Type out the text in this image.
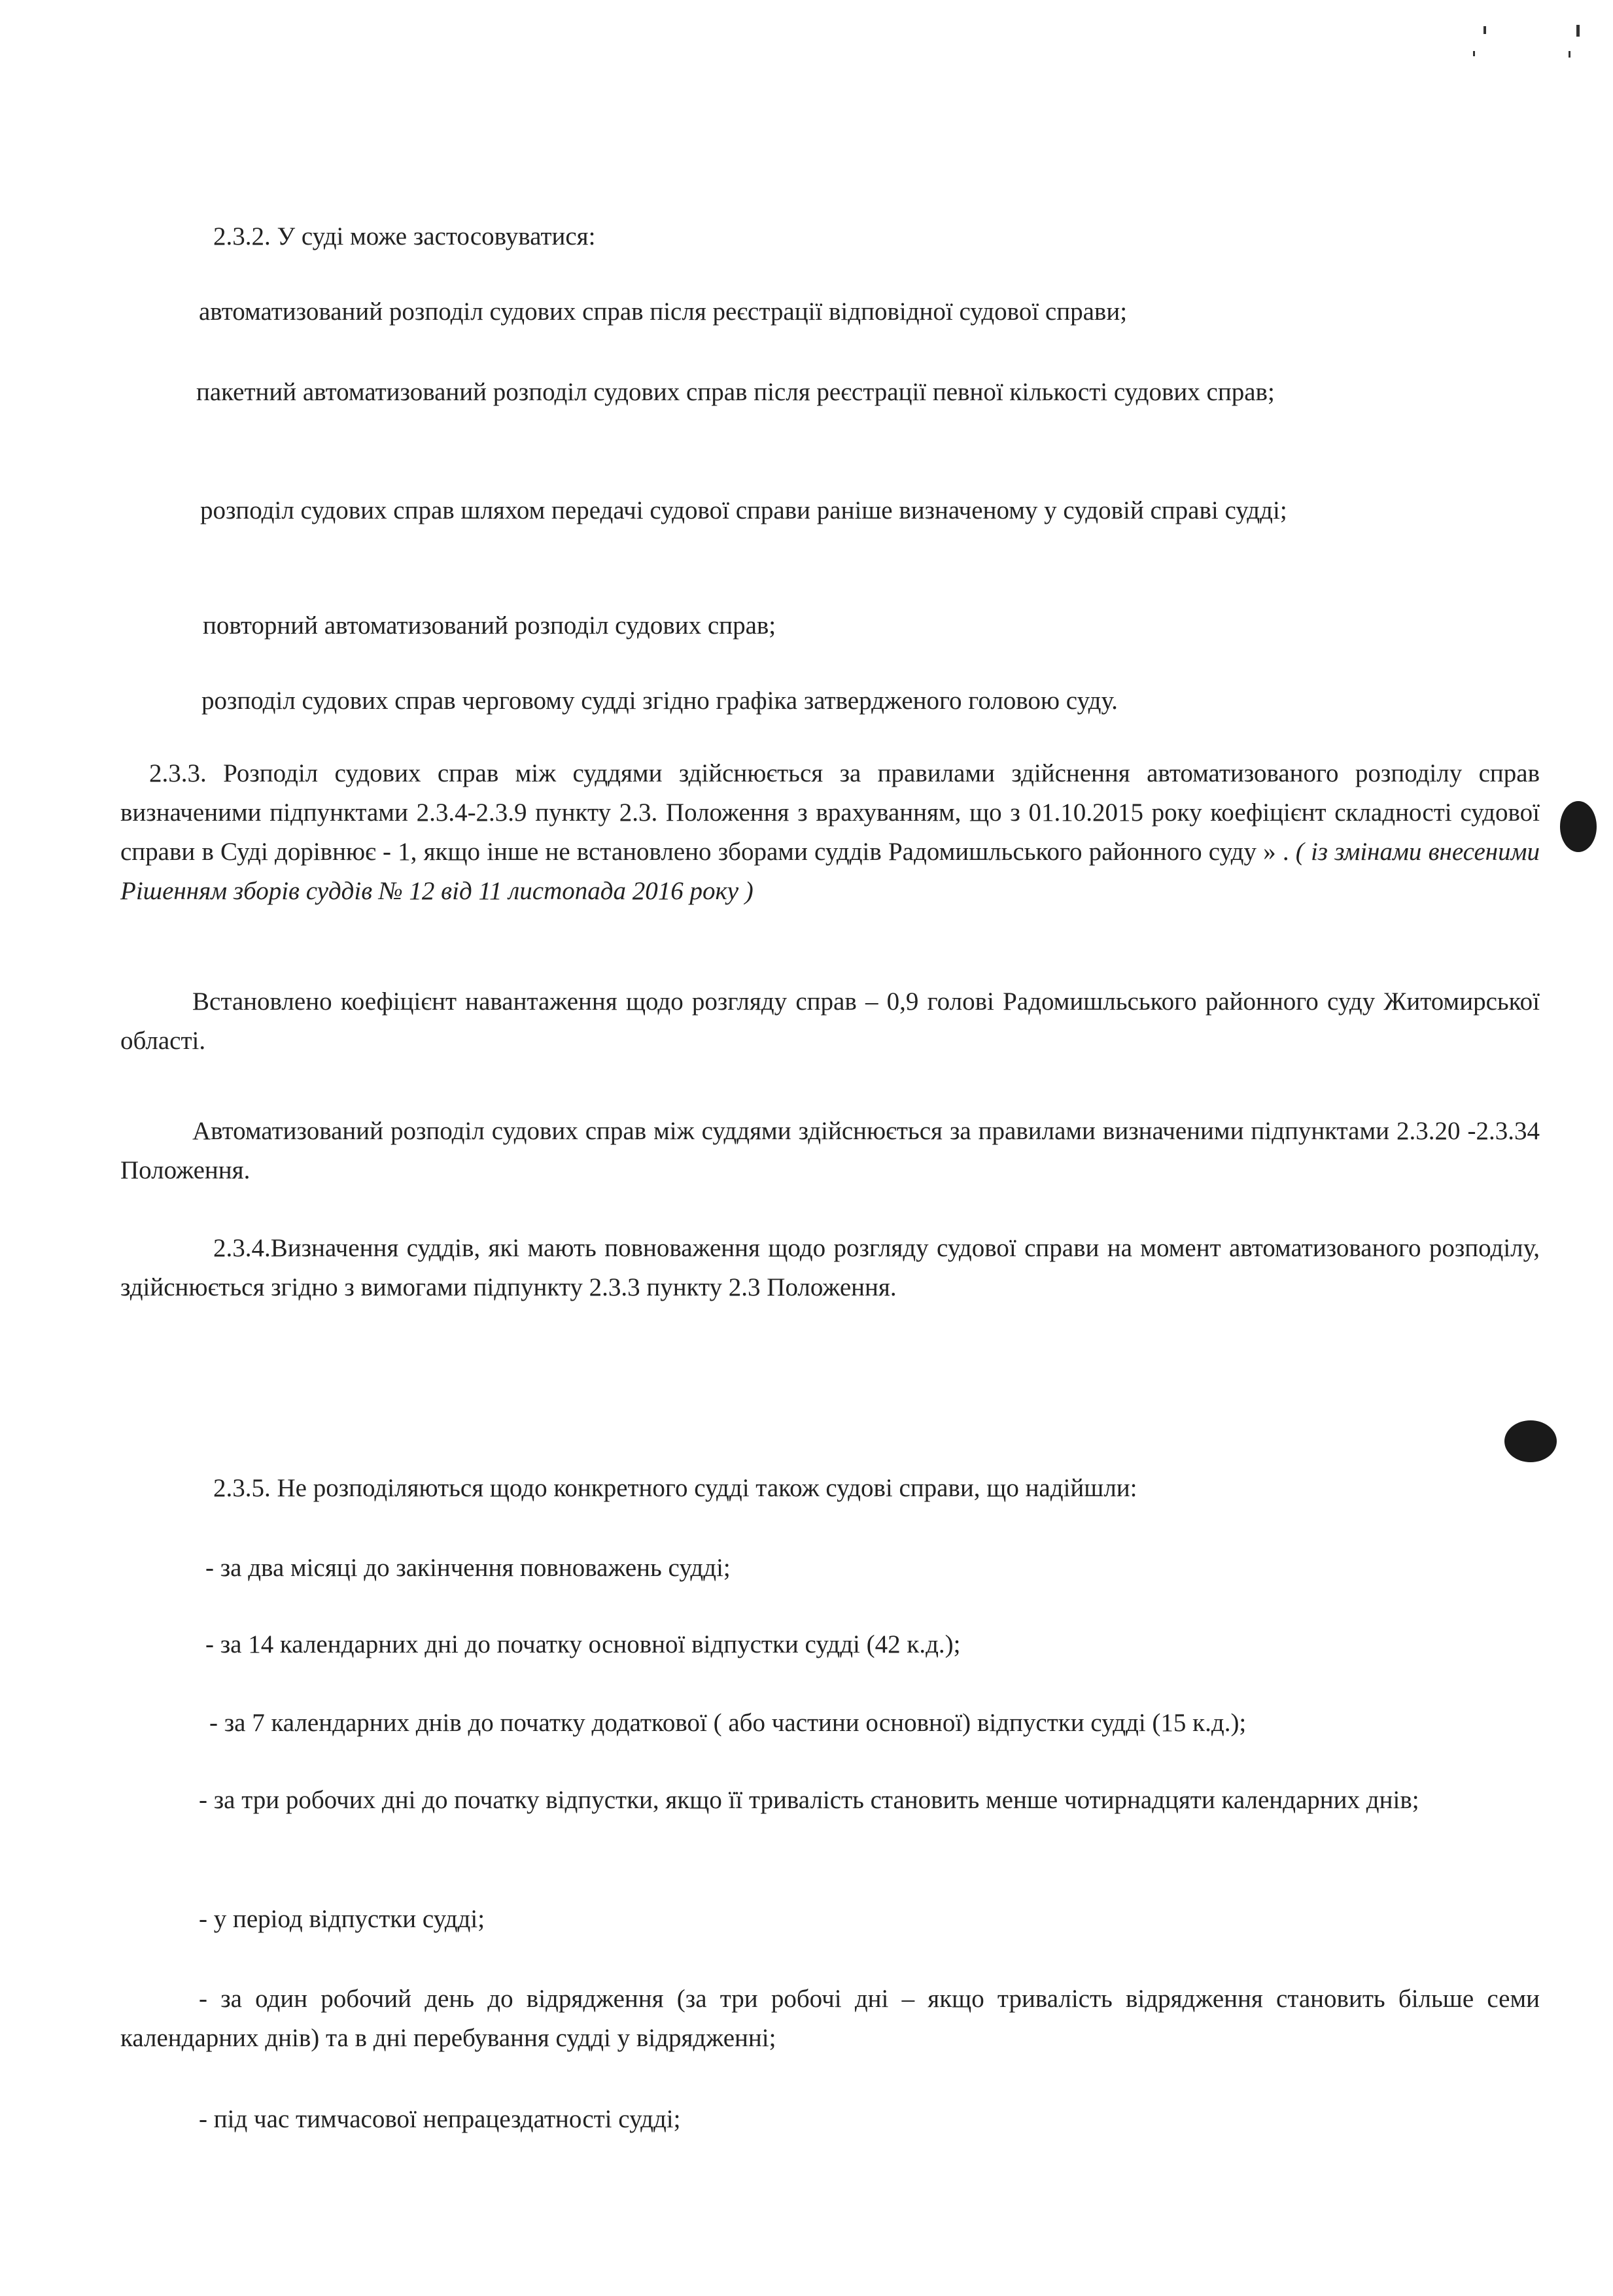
2.3.2. У суді може застосовуватися:
автоматизований розподіл судових справ після реєстрації відповідної судової справи;
пакетний автоматизований розподіл судових справ після реєстрації певної кількості судових справ;
розподіл судових справ шляхом передачі судової справи раніше визначеному у судовій справі судді;
повторний автоматизований розподіл судових справ;
розподіл судових справ черговому судді згідно графіка затвердженого головою суду.
2.3.3. Розподіл судових справ між суддями здійснюється за правилами здійснення автоматизованого розподілу справ визначеними підпунктами 2.3.4-2.3.9 пункту 2.3. Положення з врахуванням, що з 01.10.2015 року коефіцієнт складності судової справи в Суді дорівнює - 1, якщо інше не встановлено зборами суддів Радомишльського районного суду » . ( із змінами внесеними Рішенням зборів суддів № 12 від 11 листопада 2016 року )
Встановлено коефіцієнт навантаження щодо розгляду справ – 0,9 голові Радомишльського районного суду Житомирської області.
Автоматизований розподіл судових справ між суддями здійснюється за правилами визначеними підпунктами 2.3.20 -2.3.34 Положення.
2.3.4.Визначення суддів, які мають повноваження щодо розгляду судової справи на момент автоматизованого розподілу, здійснюється згідно з вимогами підпункту 2.3.3 пункту 2.3 Положення.
2.3.5. Не розподіляються щодо конкретного судді також судові справи, що надійшли:
- за два місяці до закінчення повноважень судді;
- за 14 календарних дні до початку основної відпустки судді (42 к.д.);
- за 7 календарних днів до початку додаткової ( або частини основної) відпустки судді (15 к.д.);
- за три робочих дні до початку відпустки, якщо її тривалість становить менше чотирнадцяти календарних днів;
- у період відпустки судді;
- за один робочий день до відрядження (за три робочі дні – якщо тривалість відрядження становить більше семи календарних днів) та в дні перебування судді у відрядженні;
- під час тимчасової непрацездатності судді;
